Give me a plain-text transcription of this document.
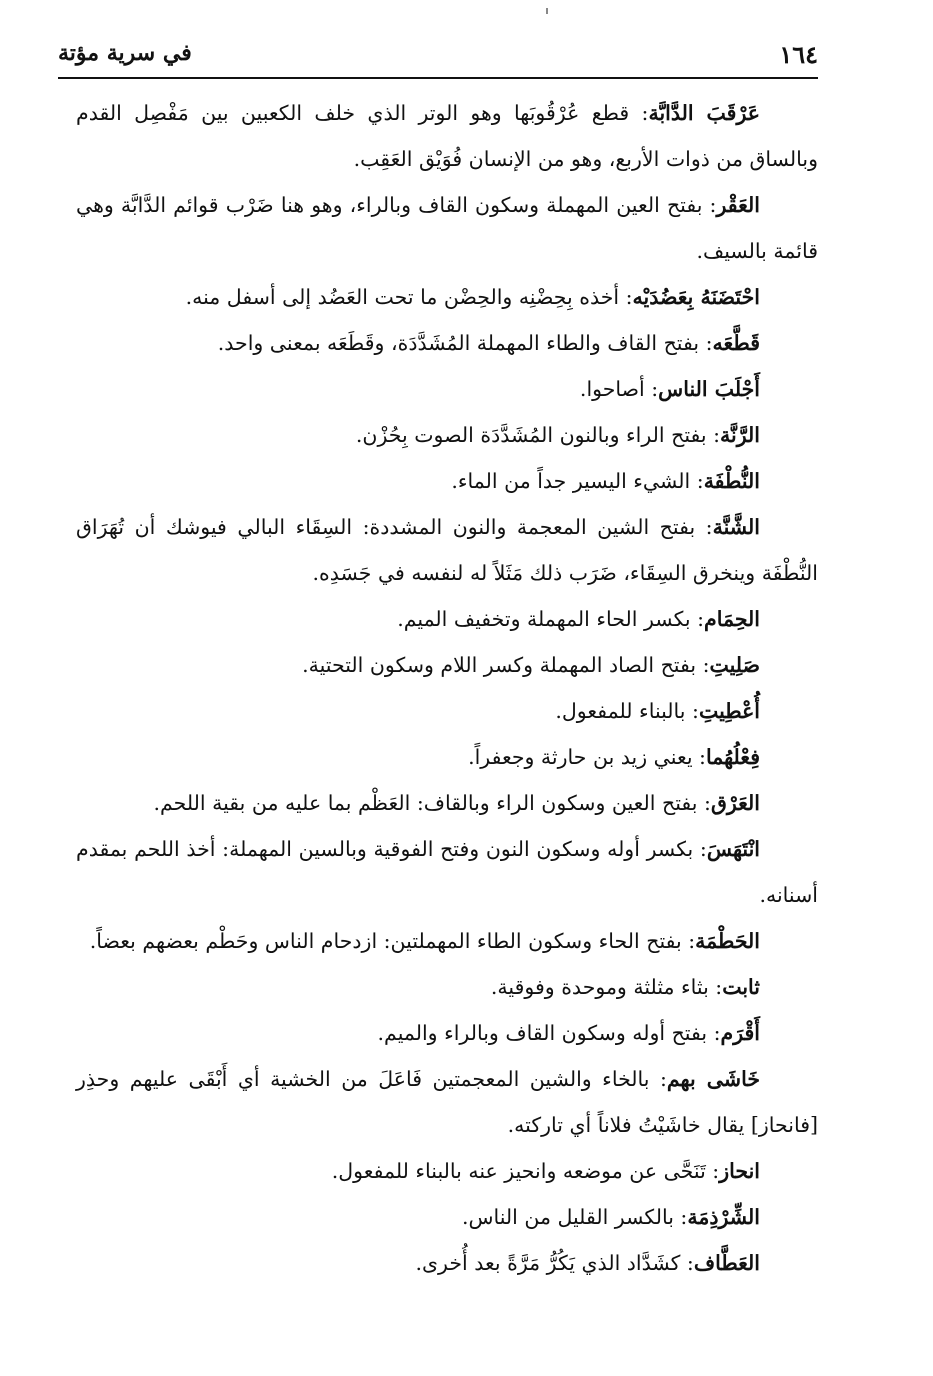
١٦٤
في سرية مؤتة

عَرْقَبَ الدَّابَّة: قطع عُرْقُوبَها وهو الوتر الذي خلف الكعبين بين مَفْصِل القدم وبالساق من ذوات الأربع، وهو من الإنسان فُوَيْق العَقِب.

العَقْر: بفتح العين المهملة وسكون القاف وبالراء، وهو هنا ضَرْب قوائم الدَّابَّة وهي قائمة بالسيف.

احْتَضَنَهُ بِعَضُدَيْه: أخذه بِحِضْنِه والحِضْن ما تحت العَضُد إلى أسفل منه.

قَطَّعَه: بفتح القاف والطاء المهملة المُشَدَّدَة، وقَطَعَه بمعنى واحد.

أَجْلَبَ الناس: أصاحوا.

الرَّنَّة: بفتح الراء وبالنون المُشَدَّدَة الصوت بِحُزْن.

النُّطْفَة: الشيء اليسير جداً من الماء.

الشَّنَّة: بفتح الشين المعجمة والنون المشددة: السِقَاء البالي فيوشك أن تُهَرَاق النُّطْفَة وينخرق السِقَاء، ضَرَب ذلك مَثَلاً له لنفسه في جَسَدِه.

الحِمَام: بكسر الحاء المهملة وتخفيف الميم.

صَلِيتِ: بفتح الصاد المهملة وكسر اللام وسكون التحتية.

أُعْطِيتِ: بالبناء للمفعول.

فِعْلُهُما: يعني زيد بن حارثة وجعفراً.

العَرْق: بفتح العين وسكون الراء وبالقاف: العَظْم بما عليه من بقية اللحم.

انْتَهَسَ: بكسر أوله وسكون النون وفتح الفوقية وبالسين المهملة: أخذ اللحم بمقدم أسنانه.

الحَطْمَة: بفتح الحاء وسكون الطاء المهملتين: ازدحام الناس وحَطْم بعضهم بعضاً.

ثابت: بثاء مثلثة وموحدة وفوقية.

أَقْرَم: بفتح أوله وسكون القاف وبالراء والميم.

خَاشَى بهم: بالخاء والشين المعجمتين فَاعَلَ من الخشية أي أَبْقَى عليهم وحذِر [فانحاز] يقال خاشَيْتُ فلاناً أي تاركته.

انحاز: تَنَحَّى عن موضعه وانحيز عنه بالبناء للمفعول.

الشِّرْذِمَة: بالكسر القليل من الناس.

العَطَّاف: كشَدَّاد الذي يَكُرُّ مَرَّةً بعد أُخرى.
